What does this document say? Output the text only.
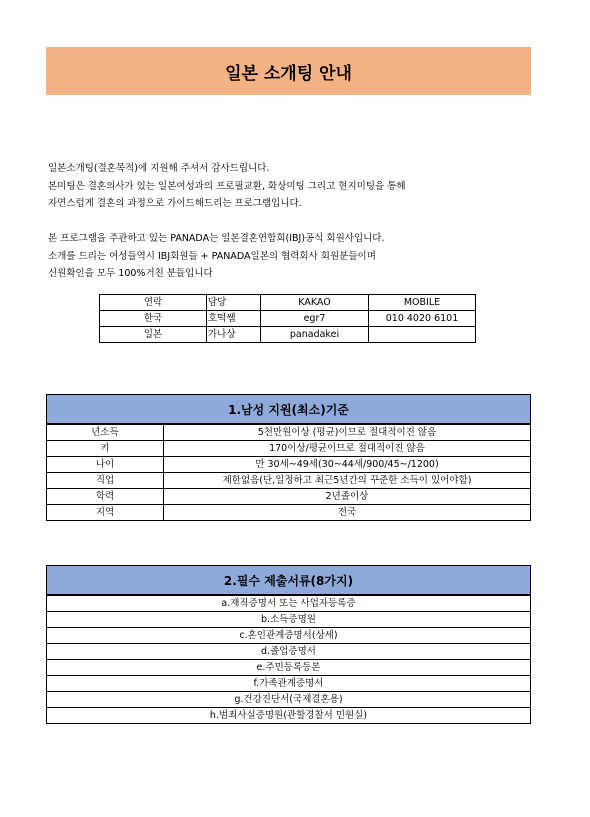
일본 소개팅 안내

일본소개팅(결혼목적)에 지원해 주셔서 감사드립니다.

본미팅은 결혼의사가 있는 일본여성과의 프로필교환, 화상미팅 그리고 현지미팅을 통해

자연스럽게 결혼의 과정으로 가이드해드리는 프로그램입니다.

본 프로그램을 주관하고 있는 PANADA는 일본결혼연합회(IBJ)공식 회원사입니다.

소개를 드리는 여성들역시 IBJ회원들 + PANADA일본의 협력회사 회원분들이며

신원확인을 모두 100%거친 분들입니다

연락	담당	KAKAO	MOBILE
한국	호떡쌤	egr7	010 4020 6101
일본	가나상	panadakei	
1.남성 지원(최소)기준
년소득	5천만원이상 (평균)이므로 절대적이진 않음
키	170이상/평균이므로 절대적이진 않음
나이	만 30세~49세(30~44세/900/45~/1200)
직업	제한없음(단,일정하고 최근5년간의 꾸준한 소득이 있어야함)
학력	2년졸이상
지역	전국
2.필수 제출서류(8가지)
a.재직증명서 또는 사업자등록증
b.소득증명원
c.혼인관계증명서(상세)
d.졸업증명서
e.주민등록등본
f.가족관계증명서
g.건강진단서(국제결혼용)
h.범죄사실증명원(관할경찰서 민원실)
